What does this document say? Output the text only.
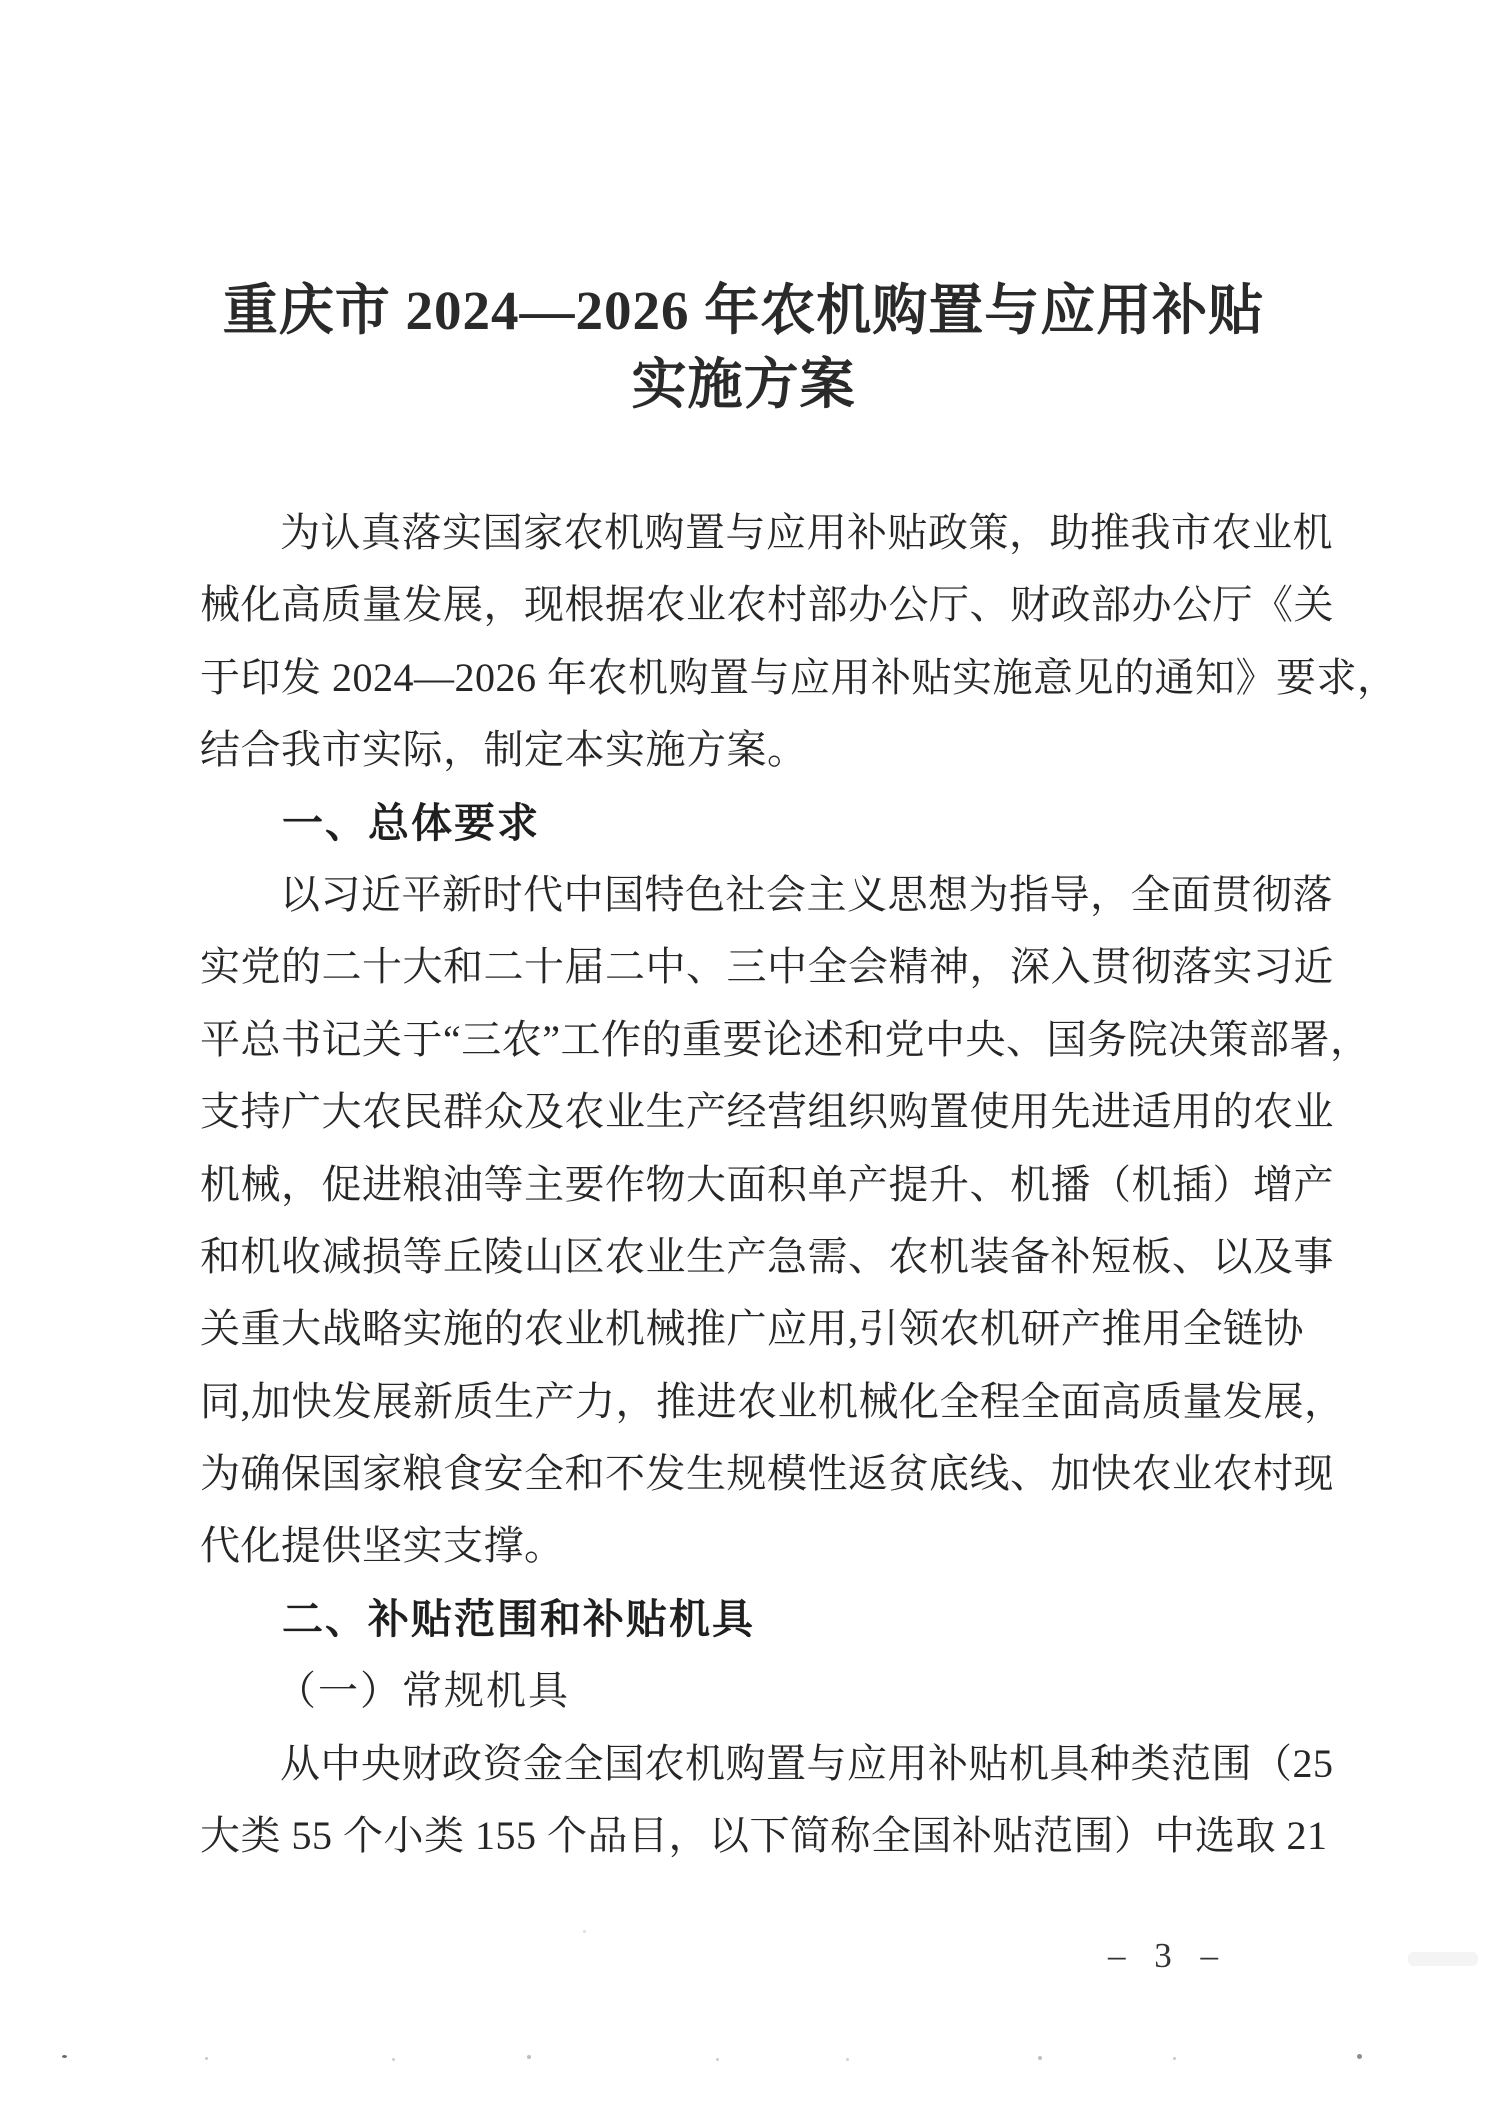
重庆市 2024—2026 年农机购置与应用补贴
实施方案
为认真落实国家农机购置与应用补贴政策，助推我市农业机
械化高质量发展，现根据农业农村部办公厅、财政部办公厅《关
于印发 2024—2026 年农机购置与应用补贴实施意见的通知》要求，
结合我市实际，制定本实施方案。
一、总体要求
以习近平新时代中国特色社会主义思想为指导，全面贯彻落
实党的二十大和二十届二中、三中全会精神，深入贯彻落实习近
平总书记关于“三农”工作的重要论述和党中央、国务院决策部署，
支持广大农民群众及农业生产经营组织购置使用先进适用的农业
机械，促进粮油等主要作物大面积单产提升、机播（机插）增产
和机收减损等丘陵山区农业生产急需、农机装备补短板、以及事
关重大战略实施的农业机械推广应用,引领农机研产推用全链协
同,加快发展新质生产力，推进农业机械化全程全面高质量发展，
为确保国家粮食安全和不发生规模性返贫底线、加快农业农村现
代化提供坚实支撑。
二、补贴范围和补贴机具
（一）常规机具
从中央财政资金全国农机购置与应用补贴机具种类范围（25
大类 55 个小类 155 个品目，以下简称全国补贴范围）中选取 21
– 3 –
